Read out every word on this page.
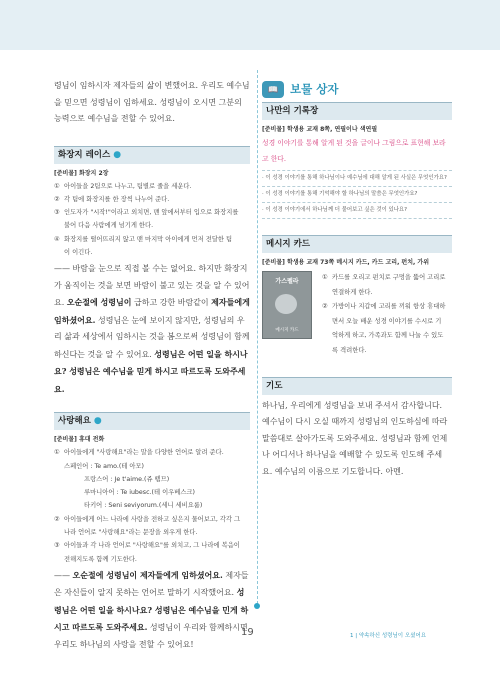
령님이 임하시자 제자들의 삶이 변했어요. 우리도 예수님을 믿으면 성령님이 임하세요. 성령님이 오시면 그분의 능력으로 예수님을 전할 수 있어요.

화장지 레이스 ●
[준비물] 화장지 2장
① 아이들을 2팀으로 나누고, 팀별로 줄을 세운다.
② 각 팀에 화장지를 한 장씩 나누어 준다.
③ 인도자가 "시작!"이라고 외치면, 맨 앞에서부터 입으로 화장지를
불어 다음 사람에게 넘기게 한다.
④ 화장지를 떨어뜨리지 않고 맨 마지막 아이에게 먼저 전달한 팀
이 이긴다.

—— 바람을 눈으로 직접 볼 수는 없어요. 하지만 화장지가 움직이는 것을 보면 바람이 불고 있는 것을 알 수 있어요. 오순절에 성령님이 급하고 강한 바람같이 제자들에게 임하셨어요. 성령님은 눈에 보이지 않지만, 성령님의 우리 삶과 세상에서 임하시는 것을 봄으로써 성령님이 함께하신다는 것을 알 수 있어요. 성령님은 어떤 일을 하시나요? 성령님은 예수님을 믿게 하시고 따르도록 도와주세요.

사랑해요 ●
[준비물] 휴대 전화
① 아이들에게 "사랑해요"라는 말을 다양한 언어로 알려 준다.
스페인어 : Te amo.(테 아모)
프랑스어 : Je t'aime.(쥬 뗌므)
루마니아어 : Te iubesc.(테 이우베스크)
타키어 : Seni seviyorum.(세니 세비요룸)
② 아이들에게 어느 나라에 사랑을 전하고 싶은지 물어보고, 각각 그
나라 언어로 "사랑해요"라는 문장을 외우게 한다.
③ 아이들과 각 나라 언어로 "사랑해요"를 외치고, 그 나라에 복음이
전해지도록 함께 기도한다.

—— 오순절에 성령님이 제자들에게 임하셨어요. 제자들은 자신들이 알지 못하는 언어로 말하기 시작했어요. 성령님은 어떤 일을 하시나요? 성령님은 예수님을 민게 하시고 따르도록 도와주세요. 성령님이 우리와 함께하시면 우리도 하나님의 사랑을 전할 수 있어요!

📖	보물 상자
나만의 기록장
[준비물] 학생용 교재 8쪽, 연필이나 색연필
성경 이야기를 통해 알게 된 것을 글이나 그림으로 표현해 보라고 한다.
· 이 성경 이야기를 통해 하나님이나 예수님에 대해 알게 된 사실은 무엇인가요?
· 이 성경 이야기를 통해 기억해야 할 하나님의 말씀은 무엇인가요?
· 이 성경 이야기에서 하나님께 더 물어보고 싶은 것이 있나요?
메시지 카드
[준비물] 학생용 교재 73쪽 메시지 카드, 카드 고리, 펀치, 가위
가스펠라
메시지 카드
① 카드를 오리고 펀치로 구멍을 뚫어 고리로
연결하게 한다.
② 가방이나 지갑에 고리를 끼워 항상 휴대하
면서 오늘 배운 성경 이야기를 수시로 기
억하게 하고, 가족과도 함께 나눌 수 있도
록 격려한다.
기도

하나님, 우리에게 성령님을 보내 주셔서 감사합니다. 예수님이 다시 오실 때까지 성령님의 인도하심에 따라 말씀대로 살아가도록 도와주세요. 성령님과 함께 언제나 어디서나 하나님을 예배할 수 있도록 인도해 주세요. 예수님의 이름으로 기도합니다. 아멘.

19	1 | 약속하신 성령님이 오셨어요
